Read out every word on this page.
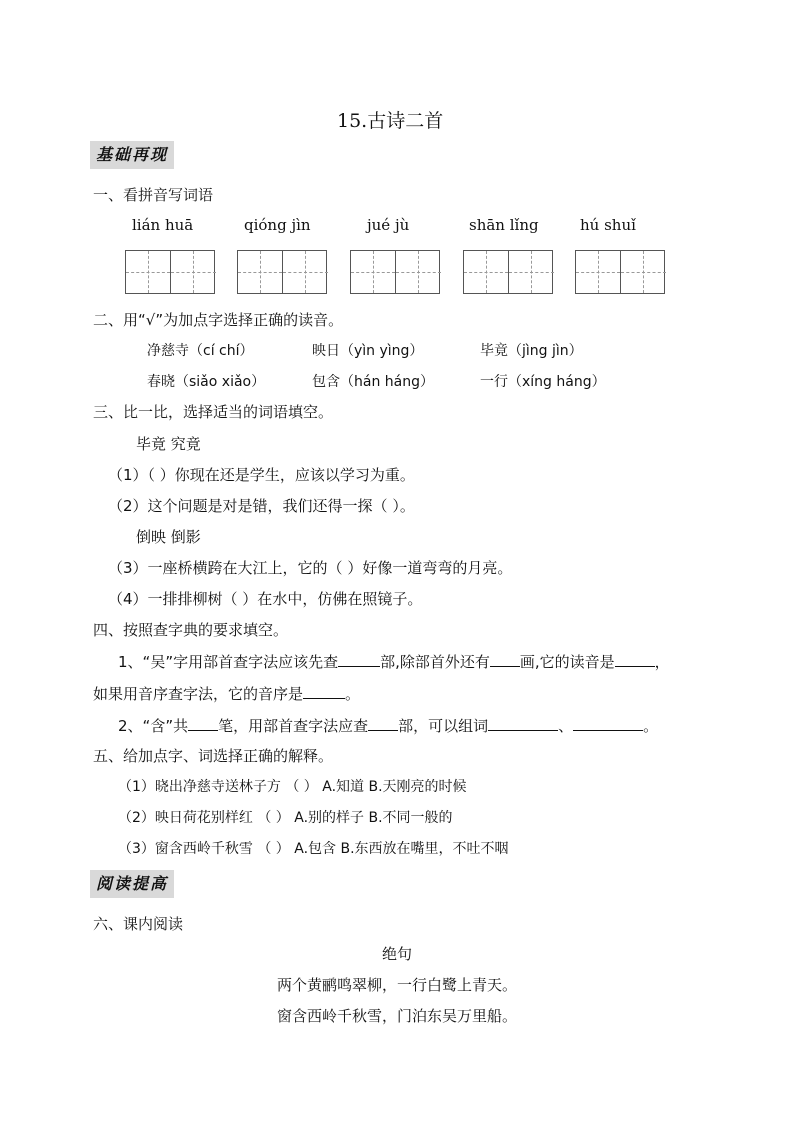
15.古诗二首
基础再现
一、看拼音写词语
lián huā	qióng jìn	jué jù	shān lǐng	hú shuǐ
二、用“√”为加点字选择正确的读音。
净慈寺（cí chí）	映日（yìn yìng）	毕竟（jìng jìn）
春晓（siǎo xiǎo）	包含（hán háng）	一行（xíng háng）
三、比一比，选择适当的词语填空。
毕竟 究竟
（1）（ ）你现在还是学生，应该以学习为重。
（2）这个问题是对是错，我们还得一探（ ）。
倒映 倒影
（3）一座桥横跨在大江上，它的（ ）好像一道弯弯的月亮。
（4）一排排柳树（ ）在水中，仿佛在照镜子。
四、按照查字典的要求填空。
1、“吴”字用部首查字法应该先查	部,除部首外还有 画,它的读音是	，
如果用音序查字法，它的音序是	。
2、“含”共 笔，用部首查字法应查 部，可以组词	、	。
五、给加点字、词选择正确的解释。
（1）晓出净慈寺送林子方 （ ） A.知道 B.天刚亮的时候
（2）映日荷花别样红 （ ） A.别的样子 B.不同一般的
（3）窗含西岭千秋雪 （ ） A.包含 B.东西放在嘴里，不吐不咽
阅读提高
六、课内阅读
绝句
两个黄鹂鸣翠柳，一行白鹭上青天。
窗含西岭千秋雪，门泊东吴万里船。
